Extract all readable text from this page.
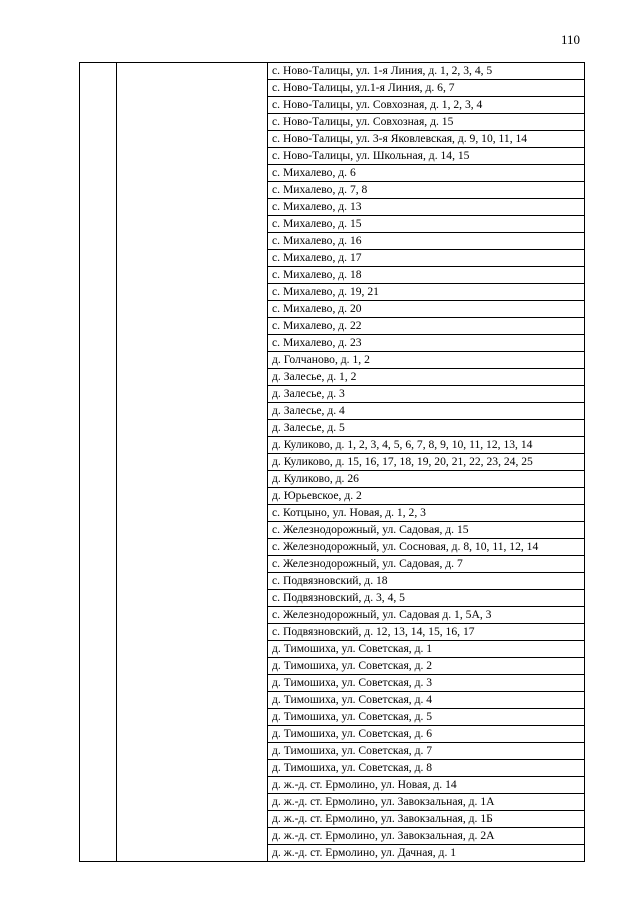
110
		с. Ново-Талицы, ул. 1-я Линия, д. 1, 2, 3, 4, 5
с. Ново-Талицы, ул.1-я Линия, д. 6, 7
с. Ново-Талицы, ул. Совхозная, д. 1, 2, 3, 4
с. Ново-Талицы, ул. Совхозная, д. 15
с. Ново-Талицы, ул. 3-я Яковлевская, д. 9, 10, 11, 14
с. Ново-Талицы, ул. Школьная, д. 14, 15
с. Михалево, д. 6
с. Михалево, д. 7, 8
с. Михалево, д. 13
с. Михалево, д. 15
с. Михалево, д. 16
с. Михалево, д. 17
с. Михалево, д. 18
с. Михалево, д. 19, 21
с. Михалево, д. 20
с. Михалево, д. 22
с. Михалево, д. 23
д. Голчаново, д. 1, 2
д. Залесье, д. 1, 2
д. Залесье, д. 3
д. Залесье, д. 4
д. Залесье, д. 5
д. Куликово, д. 1, 2, 3, 4, 5, 6, 7, 8, 9, 10, 11, 12, 13, 14
д. Куликово, д. 15, 16, 17, 18, 19, 20, 21, 22, 23, 24, 25
д. Куликово, д. 26
д. Юрьевское, д. 2
с. Котцыно, ул. Новая, д. 1, 2, 3
с. Железнодорожный, ул. Садовая, д. 15
с. Железнодорожный, ул. Сосновая, д. 8, 10, 11, 12, 14
с. Железнодорожный, ул. Садовая, д. 7
с. Подвязновский, д. 18
с. Подвязновский, д. 3, 4, 5
с. Железнодорожный, ул. Садовая д. 1, 5А, 3
с. Подвязновский, д. 12, 13, 14, 15, 16, 17
д. Тимошиха, ул. Советская, д. 1
д. Тимошиха, ул. Советская, д. 2
д. Тимошиха, ул. Советская, д. 3
д. Тимошиха, ул. Советская, д. 4
д. Тимошиха, ул. Советская, д. 5
д. Тимошиха, ул. Советская, д. 6
д. Тимошиха, ул. Советская, д. 7
д. Тимошиха, ул. Советская, д. 8
д. ж.-д. ст. Ермолино, ул. Новая, д. 14
д. ж.-д. ст. Ермолино, ул. Завокзальная, д. 1А
д. ж.-д. ст. Ермолино, ул. Завокзальная, д. 1Б
д. ж.-д. ст. Ермолино, ул. Завокзальная, д. 2А
д. ж.-д. ст. Ермолино, ул. Дачная, д. 1
